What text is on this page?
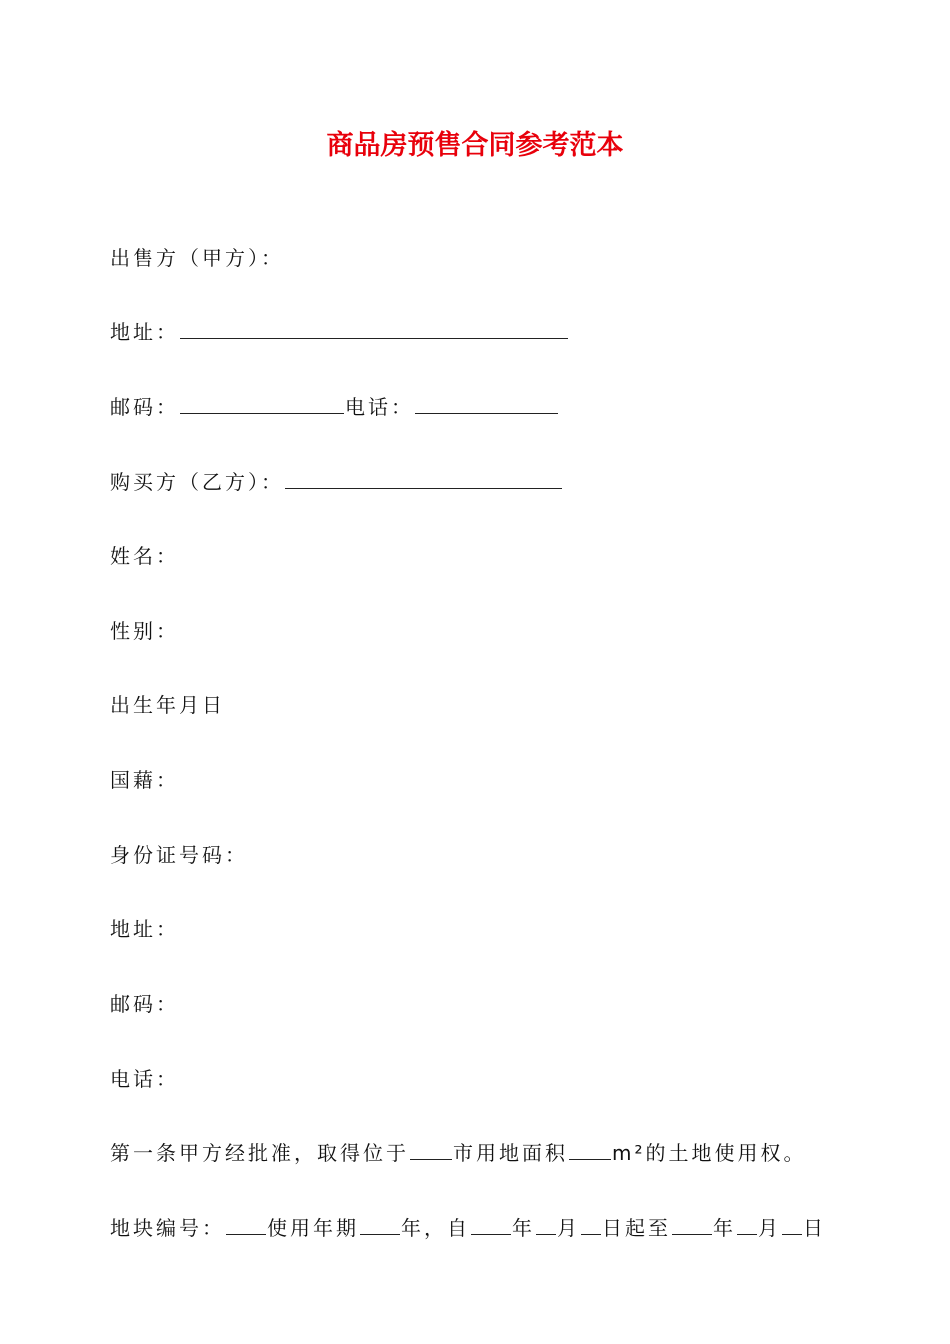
商品房预售合同参考范本
出售方（甲方）：
地址：
邮码：	电话：
购买方（乙方）：
姓名：
性别：
出生年月日
国藉：
身份证号码：
地址：
邮码：
电话：
第一条甲方经批准，取得位于 市用地面积 m²的土地使用权。
地块编号： 使用年期 年，自 年 月 日起至 年 月 日
